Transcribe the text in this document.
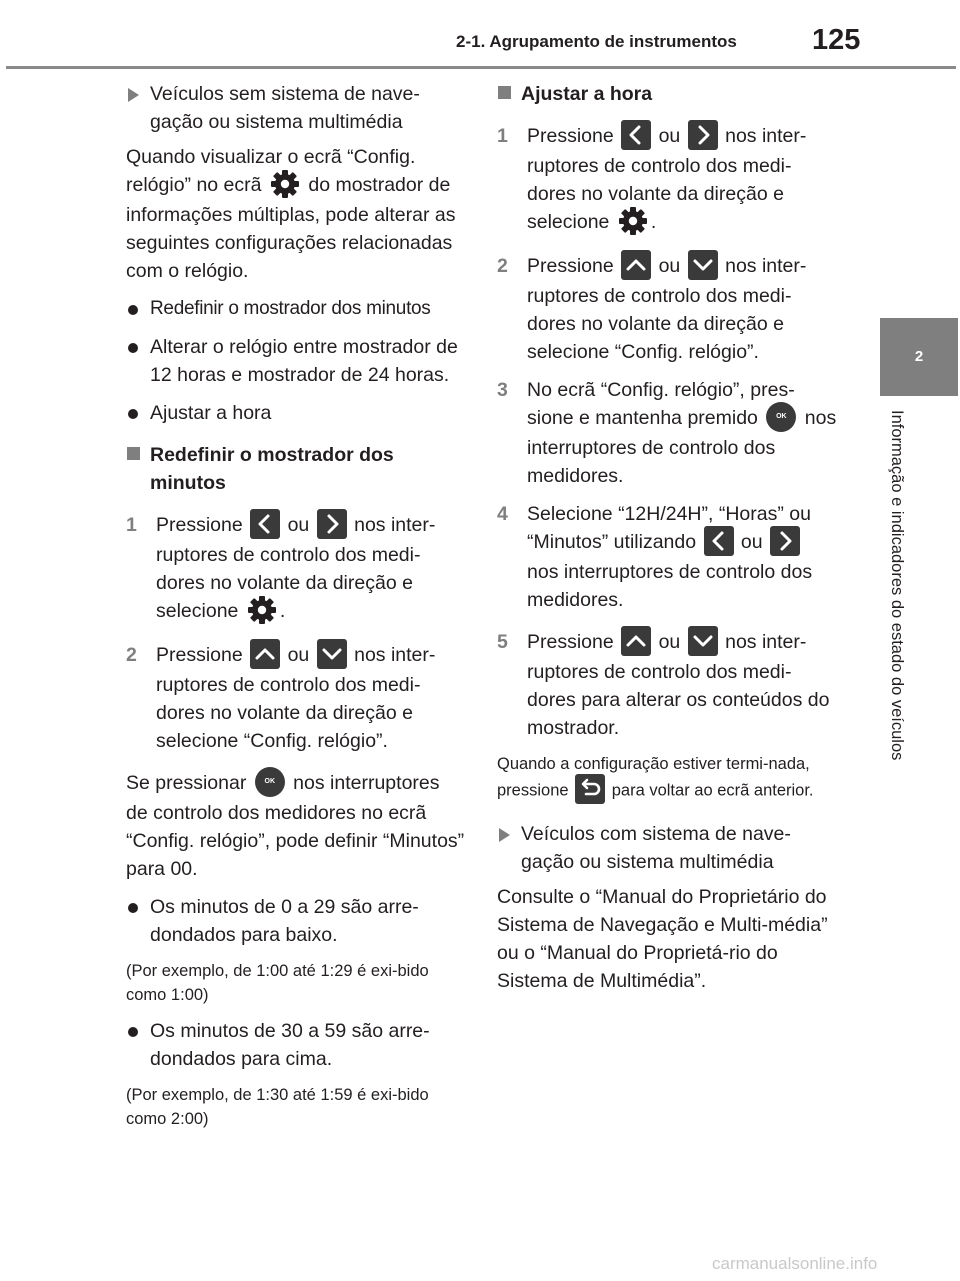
2-1. Agrupamento de instrumentos	125
2
Informação e indicadores do estado do veículos

Veículos sem sistema de nave-gação ou sistema multimédia

Quando visualizar o ecrã “Config. relógio” no ecrã do mostrador de informações múltiplas, pode alterar as seguintes configurações relacionadas com o relógio.

Redefinir o mostrador dos minutos

Alterar o relógio entre mostrador de 12 horas e mostrador de 24 horas.

Ajustar a hora

Redefinir o mostrador dos minutos

1 Pressione ou nos inter-ruptores de controlo dos medi-dores no volante da direção e selecione .

2 Pressione ou nos inter-ruptores de controlo dos medi-dores no volante da direção e selecione “Config. relógio”.

Se pressionar	OK nos interruptores de controlo dos medidores no ecrã “Config. relógio”, pode definir “Minutos” para 00.

Os minutos de 0 a 29 são arre-dondados para baixo.

(Por exemplo, de 1:00 até 1:29 é exi-bido como 1:00)

Os minutos de 30 a 59 são arre-dondados para cima.

(Por exemplo, de 1:30 até 1:59 é exi-bido como 2:00)

Ajustar a hora

1 Pressione ou nos inter-ruptores de controlo dos medi-dores no volante da direção e selecione .

2 Pressione ou nos inter-ruptores de controlo dos medi-dores no volante da direção e selecione “Config. relógio”.

3 No ecrã “Config. relógio”, pres-sione e mantenha premido	OK nos interruptores de controlo dos medidores.

4 Selecione “12H/24H”, “Horas” ou “Minutos” utilizando ou
nos interruptores de controlo dos medidores.

5 Pressione ou nos inter-ruptores de controlo dos medi-dores para alterar os conteúdos do mostrador.

Quando a configuração estiver termi-nada, pressione	para voltar ao ecrã anterior.

Veículos com sistema de nave-gação ou sistema multimédia

Consulte o “Manual do Proprietário do Sistema de Navegação e Multi-média” ou o “Manual do Proprietá-rio do Sistema de Multimédia”.

carmanualsonline.info
